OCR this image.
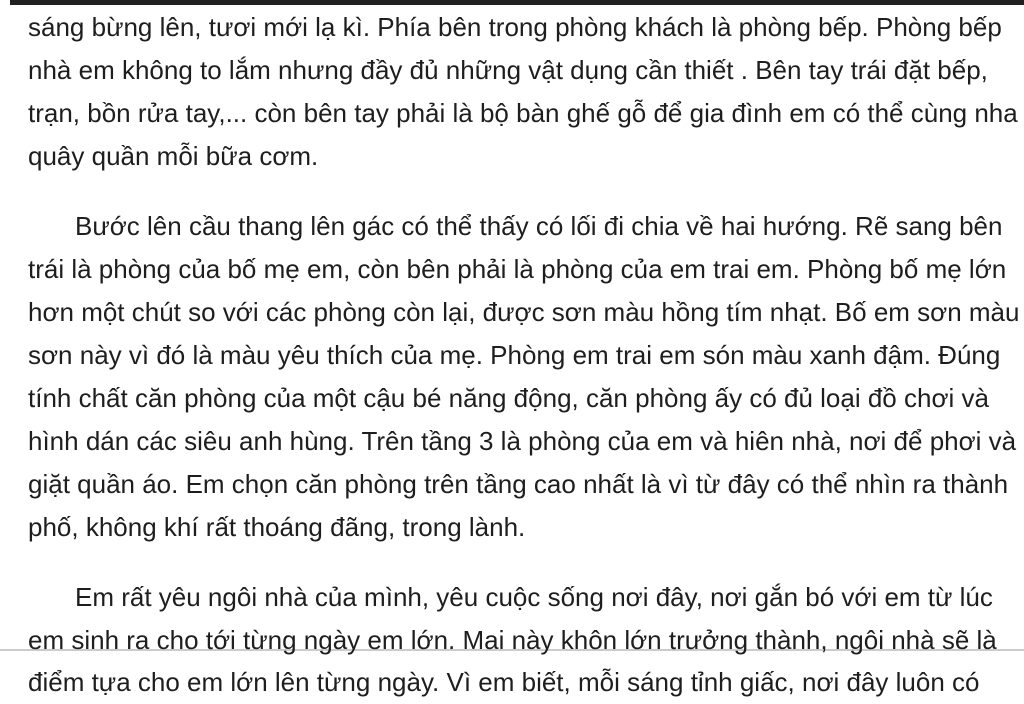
sáng bừng lên, tươi mới lạ kì. Phía bên trong phòng khách là phòng bếp. Phòng bếp
nhà em không to lắm nhưng đầy đủ những vật dụng cần thiết . Bên tay trái đặt bếp,
trạn, bồn rửa tay,... còn bên tay phải là bộ bàn ghế gỗ để gia đình em có thể cùng nha
quây quần mỗi bữa cơm.
Bước lên cầu thang lên gác có thể thấy có lối đi chia về hai hướng. Rẽ sang bên
trái là phòng của bố mẹ em, còn bên phải là phòng của em trai em. Phòng bố mẹ lớn
hơn một chút so với các phòng còn lại, được sơn màu hồng tím nhạt. Bố em sơn màu
sơn này vì đó là màu yêu thích của mẹ. Phòng em trai em són màu xanh đậm. Đúng
tính chất căn phòng của một cậu bé năng động, căn phòng ấy có đủ loại đồ chơi và
hình dán các siêu anh hùng. Trên tầng 3 là phòng của em và hiên nhà, nơi để phơi và
giặt quần áo. Em chọn căn phòng trên tầng cao nhất là vì từ đây có thể nhìn ra thành
phố, không khí rất thoáng đãng, trong lành.
Em rất yêu ngôi nhà của mình, yêu cuộc sống nơi đây, nơi gắn bó với em từ lúc
em sinh ra cho tới từng ngày em lớn. Mai này khôn lớn trưởng thành, ngôi nhà sẽ là
điểm tựa cho em lớn lên từng ngày. Vì em biết, mỗi sáng tỉnh giấc, nơi đây luôn có
